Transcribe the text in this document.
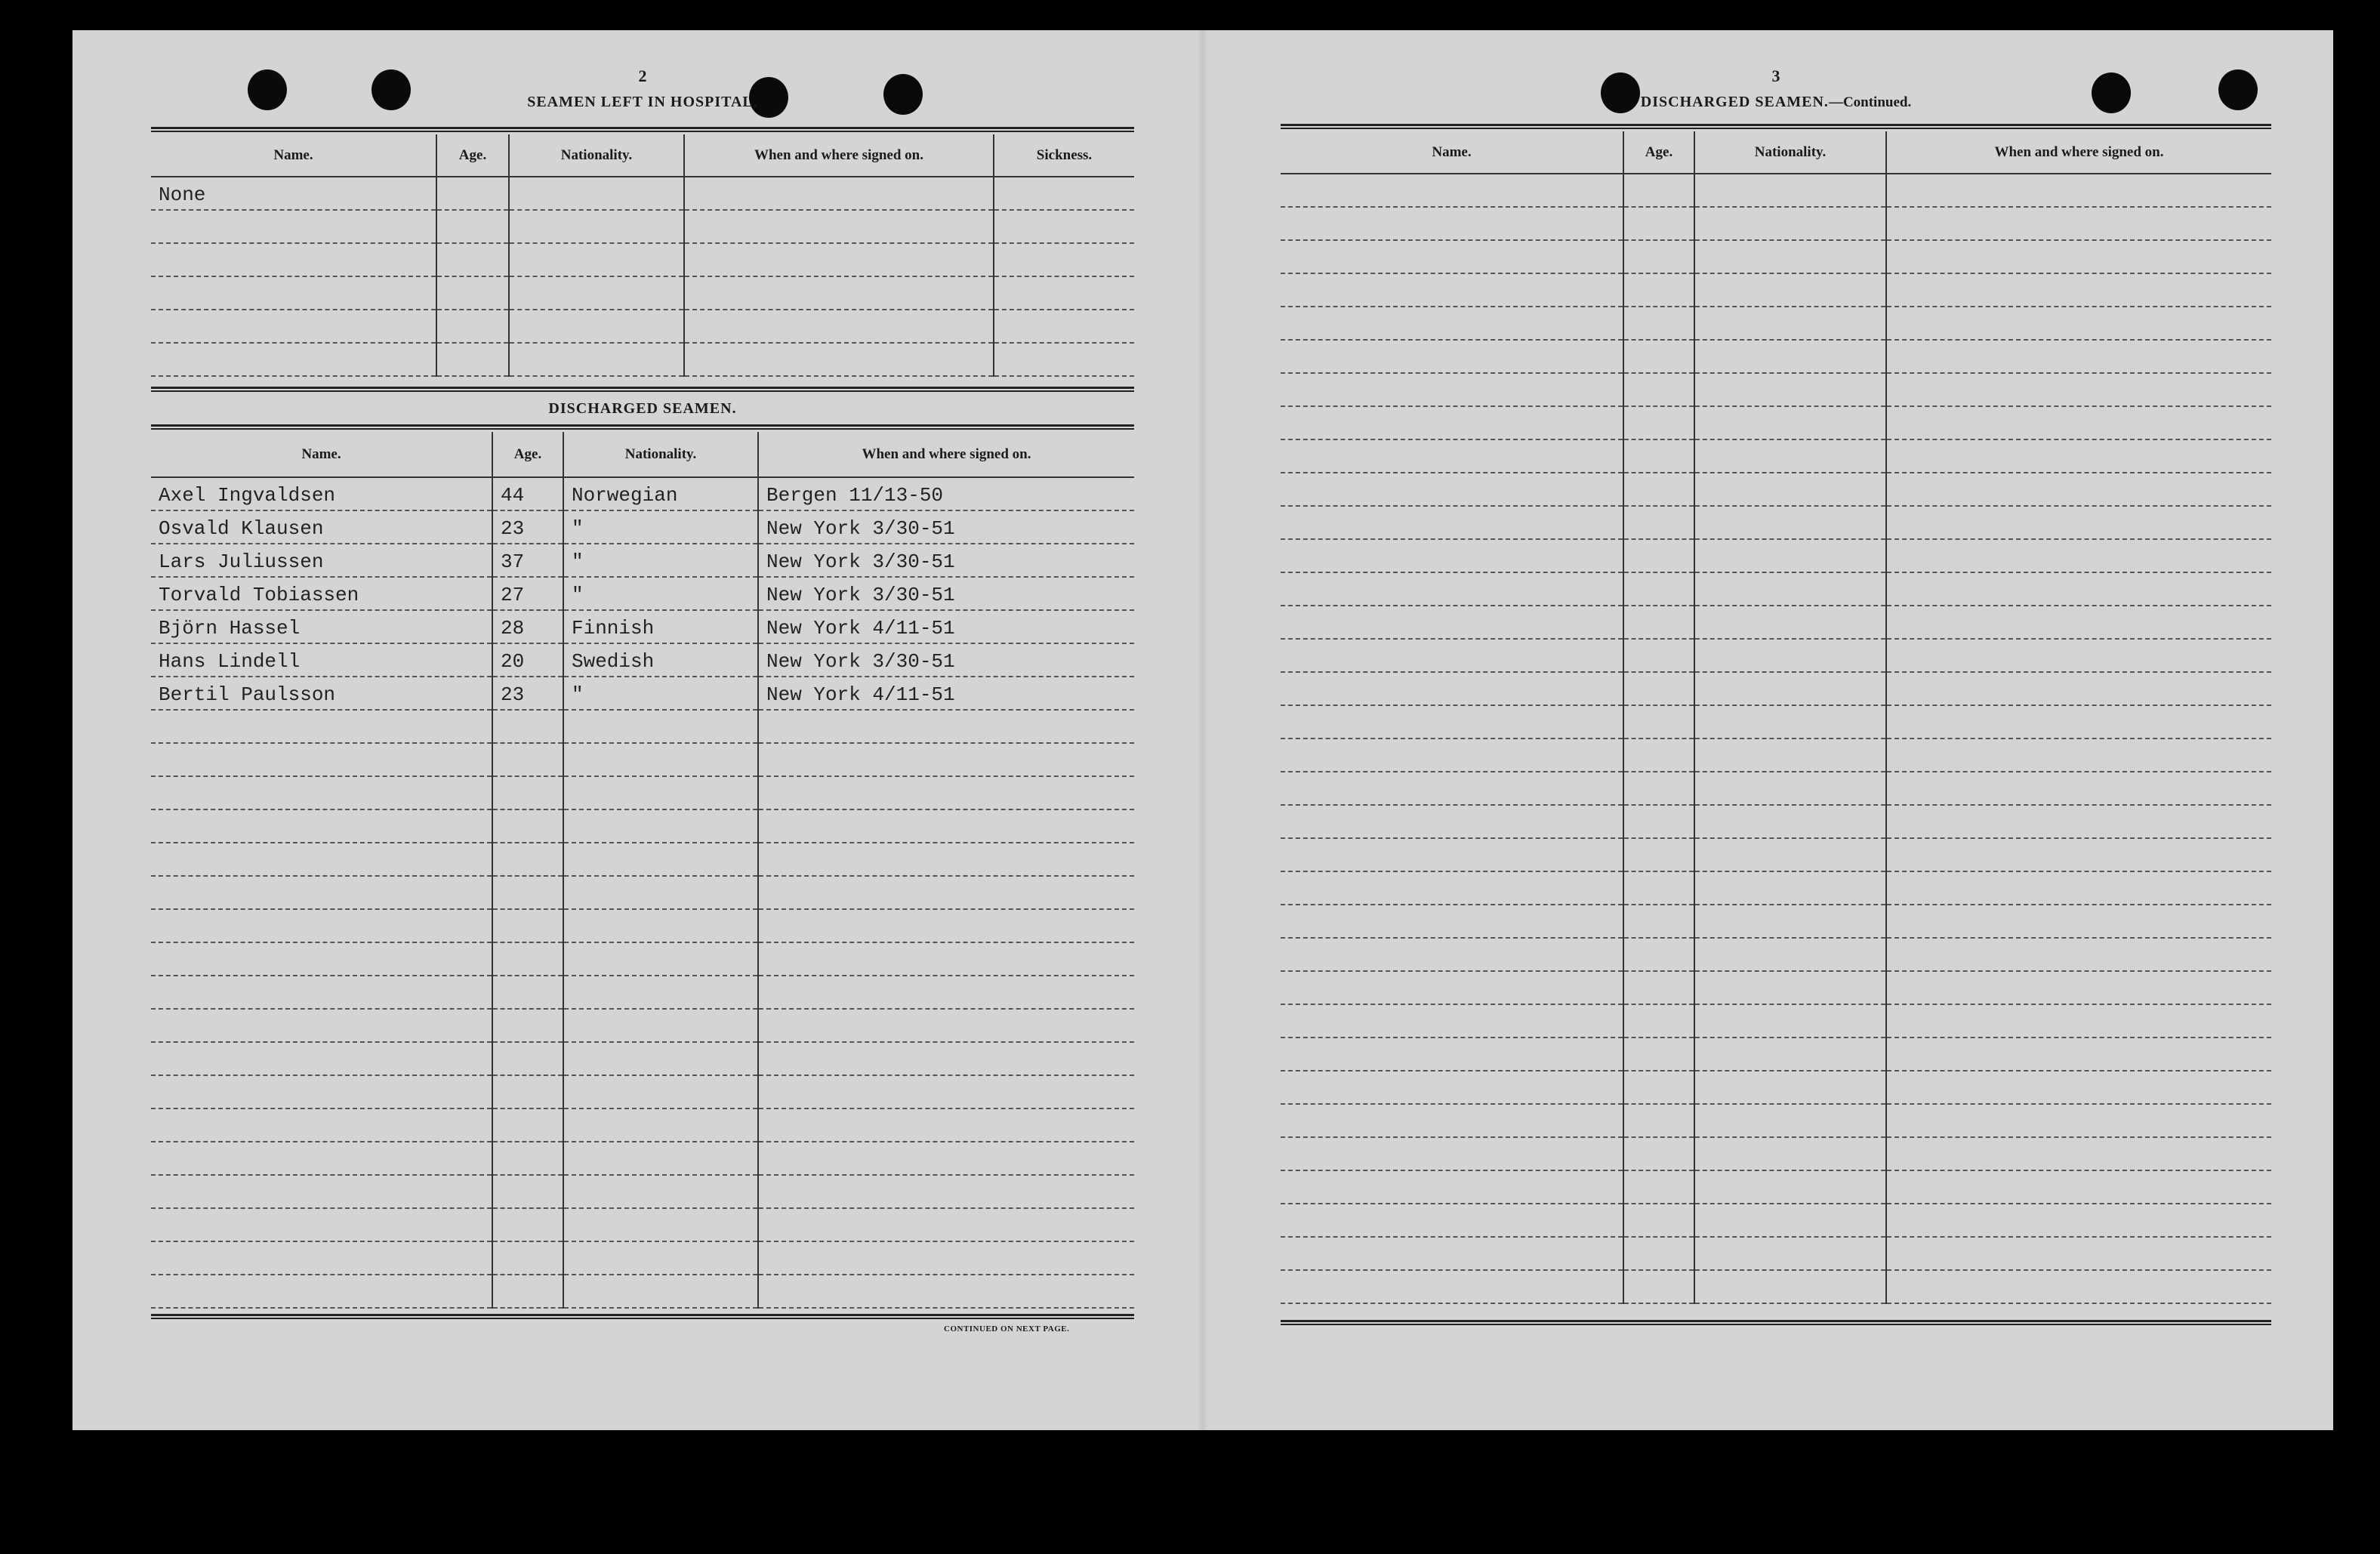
2
SEAMEN LEFT IN HOSPITAL.
Name.	Age.	Nationality.	When and where signed on.	Sickness.
None				

DISCHARGED SEAMEN.
Name.	Age.	Nationality.	When and where signed on.
Axel Ingvaldsen	44	Norwegian	Bergen 11/13-50
Osvald Klausen	23	"	New York 3/30-51
Lars Juliussen	37	"	New York 3/30-51
Torvald Tobiassen	27	"	New York 3/30-51
Björn Hassel	28	Finnish	New York 4/11-51
Hans Lindell	20	Swedish	New York 3/30-51
Bertil Paulsson	23	"	New York 4/11-51

CONTINUED ON NEXT PAGE.
3
DISCHARGED SEAMEN.—Continued.
Name.	Age.	Nationality.	When and where signed on.
